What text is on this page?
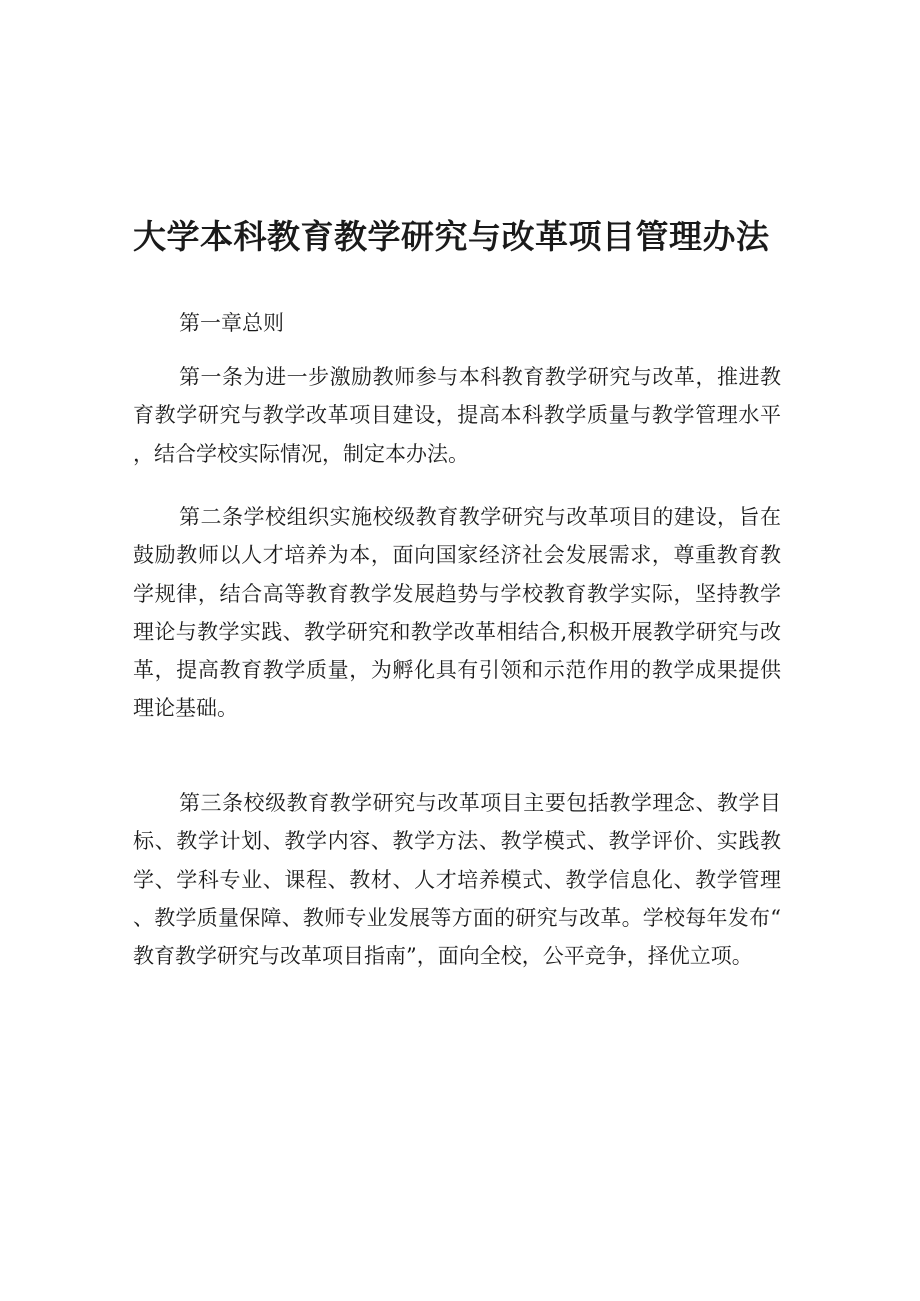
大学本科教育教学研究与改革项目管理办法

第一章总则

第一条为进一步激励教师参与本科教育教学研究与改革，推进教育教学研究与教学改革项目建设，提高本科教学质量与教学管理水平，结合学校实际情况，制定本办法。

第二条学校组织实施校级教育教学研究与改革项目的建设，旨在鼓励教师以人才培养为本，面向国家经济社会发展需求，尊重教育教学规律，结合高等教育教学发展趋势与学校教育教学实际，坚持教学理论与教学实践、教学研究和教学改革相结合,积极开展教学研究与改革，提高教育教学质量，为孵化具有引领和示范作用的教学成果提供理论基础。

第三条校级教育教学研究与改革项目主要包括教学理念、教学目标、教学计划、教学内容、教学方法、教学模式、教学评价、实践教学、学科专业、课程、教材、人才培养模式、教学信息化、教学管理、教学质量保障、教师专业发展等方面的研究与改革。学校每年发布“教育教学研究与改革项目指南”，面向全校，公平竞争，择优立项。
